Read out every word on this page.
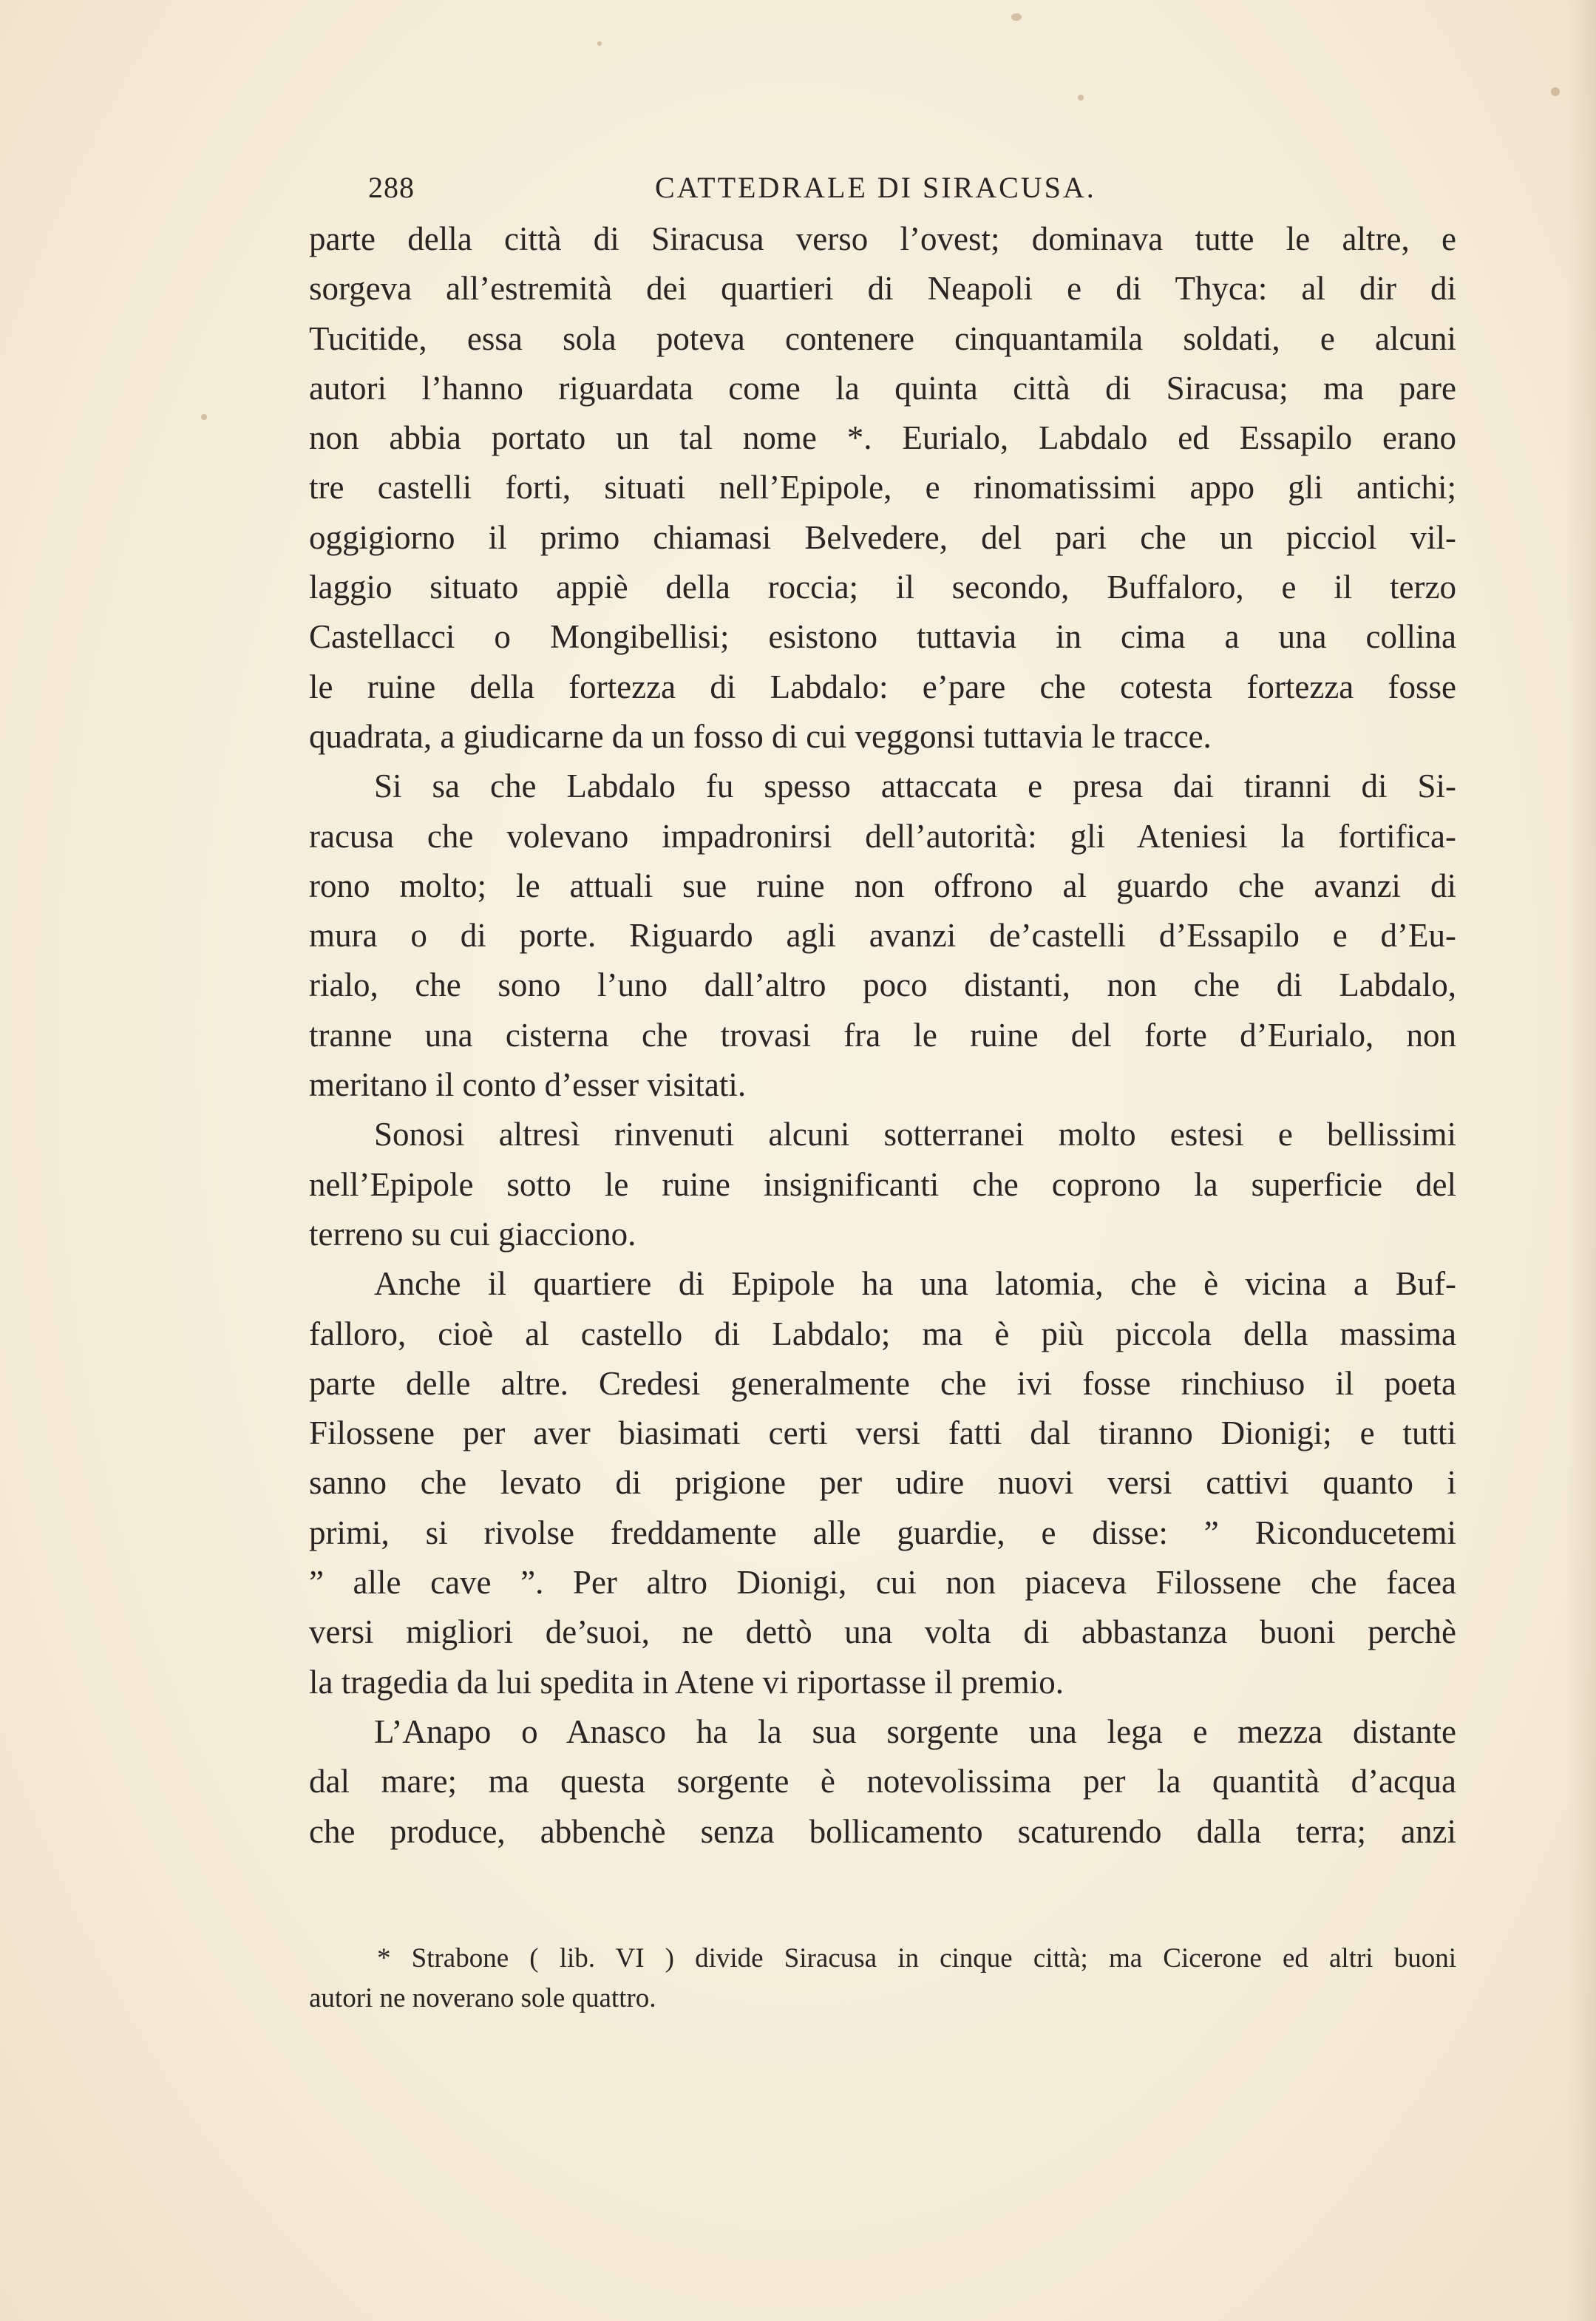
288	CATTEDRALE DI SIRACUSA.
parte della città di Siracusa verso l’ovest; dominava tutte le altre, e
sorgeva all’estremità dei quartieri di Neapoli e di Thyca: al dir di
Tucitide, essa sola poteva contenere cinquantamila soldati, e alcuni
autori l’hanno riguardata come la quinta città di Siracusa; ma pare
non abbia portato un tal nome *. Eurialo, Labdalo ed Essapilo erano
tre castelli forti, situati nell’Epipole, e rinomatissimi appo gli antichi;
oggigiorno il primo chiamasi Belvedere, del pari che un picciol vil-
laggio situato appiè della roccia; il secondo, Buffaloro, e il terzo
Castellacci o Mongibellisi; esistono tuttavia in cima a una collina
le ruine della fortezza di Labdalo: e’pare che cotesta fortezza fosse
quadrata, a giudicarne da un fosso di cui veggonsi tuttavia le tracce.
Si sa che Labdalo fu spesso attaccata e presa dai tiranni di Si-
racusa che volevano impadronirsi dell’autorità: gli Ateniesi la fortifica-
rono molto; le attuali sue ruine non offrono al guardo che avanzi di
mura o di porte. Riguardo agli avanzi de’castelli d’Essapilo e d’Eu-
rialo, che sono l’uno dall’altro poco distanti, non che di Labdalo,
tranne una cisterna che trovasi fra le ruine del forte d’Eurialo, non
meritano il conto d’esser visitati.
Sonosi altresì rinvenuti alcuni sotterranei molto estesi e bellissimi
nell’Epipole sotto le ruine insignificanti che coprono la superficie del
terreno su cui giacciono.
Anche il quartiere di Epipole ha una latomia, che è vicina a Buf-
falloro, cioè al castello di Labdalo; ma è più piccola della massima
parte delle altre. Credesi generalmente che ivi fosse rinchiuso il poeta
Filossene per aver biasimati certi versi fatti dal tiranno Dionigi; e tutti
sanno che levato di prigione per udire nuovi versi cattivi quanto i
primi, si rivolse freddamente alle guardie, e disse: ” Riconducetemi
” alle cave ”. Per altro Dionigi, cui non piaceva Filossene che facea
versi migliori de’suoi, ne dettò una volta di abbastanza buoni perchè
la tragedia da lui spedita in Atene vi riportasse il premio.
L’Anapo o Anasco ha la sua sorgente una lega e mezza distante
dal mare; ma questa sorgente è notevolissima per la quantità d’acqua
che produce, abbenchè senza bollicamento scaturendo dalla terra; anzi
* Strabone ( lib. VI ) divide Siracusa in cinque città; ma Cicerone ed altri buoni
autori ne noverano sole quattro.
